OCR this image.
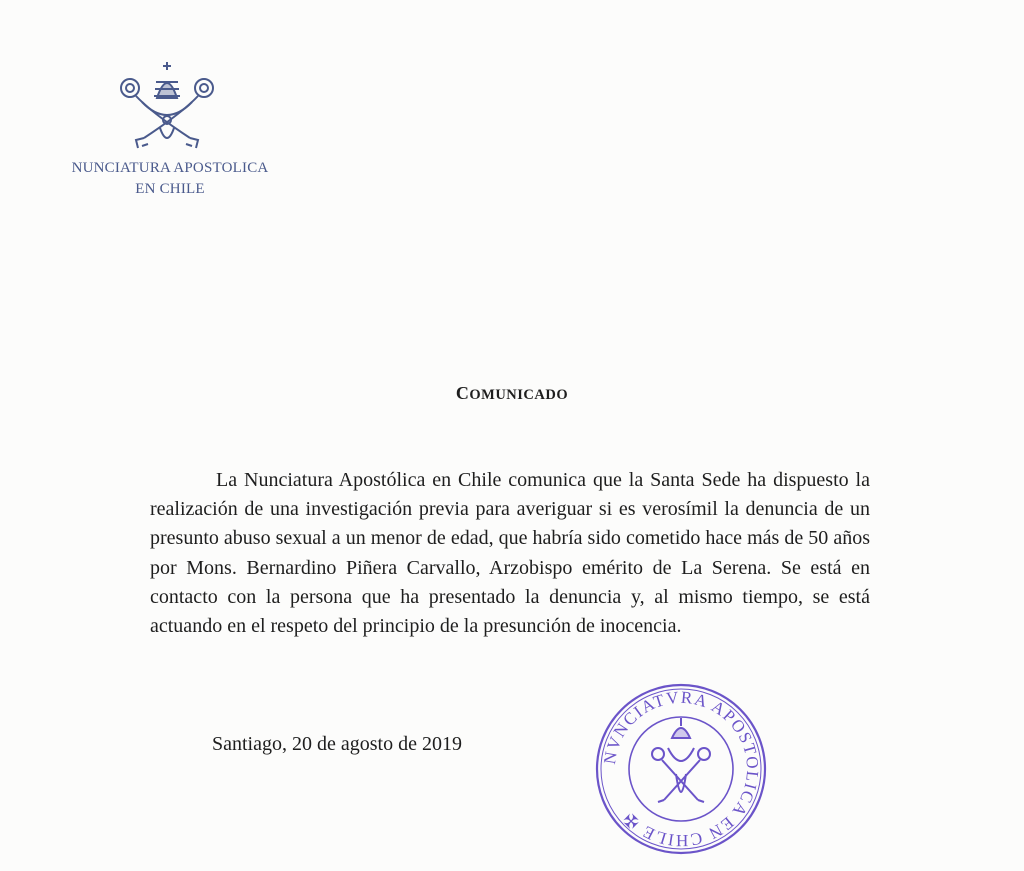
NUNCIATURA APOSTOLICA
EN CHILE
COMUNICADO

La Nunciatura Apostólica en Chile comunica que la Santa Sede ha dispuesto la realización de una investigación previa para averiguar si es verosímil la denuncia de un presunto abuso sexual a un menor de edad, que habría sido cometido hace más de 50 años por Mons. Bernardino Piñera Carvallo, Arzobispo emérito de La Serena. Se está en contacto con la persona que ha presentado la denuncia y, al mismo tiempo, se está actuando en el respeto del principio de la presunción de inocencia.

Santiago, 20 de agosto de 2019
NVNCIATVRA APOSTOLICA EN CHILE ✠
